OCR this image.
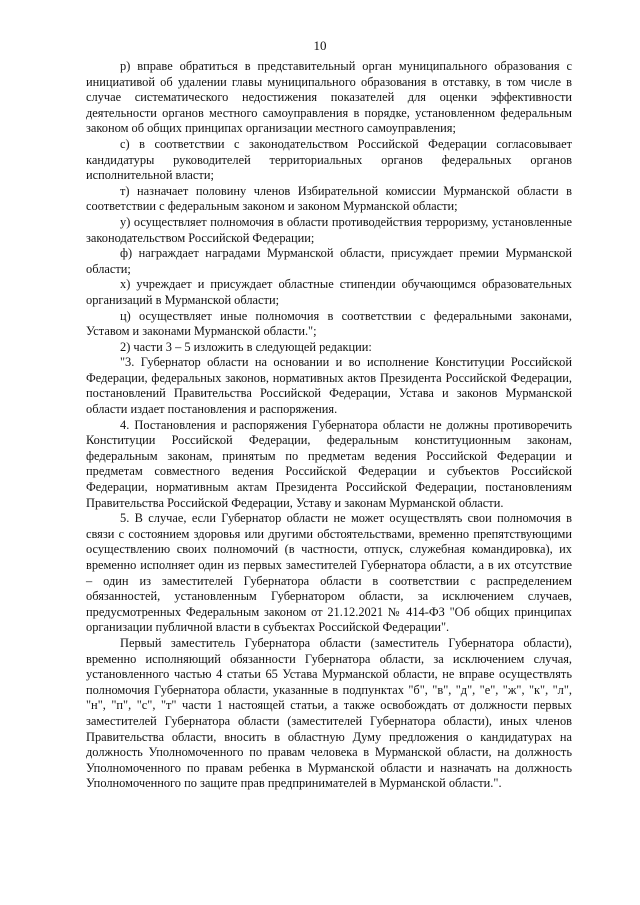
10

р) вправе обратиться в представительный орган муниципального образования с инициативой об удалении главы муниципального образования в отставку, в том числе в случае систематического недостижения показателей для оценки эффективности деятельности органов местного самоуправления в порядке, установленном федеральным законом об общих принципах организации местного самоуправления;

с) в соответствии с законодательством Российской Федерации согласовывает кандидатуры руководителей территориальных органов федеральных органов исполнительной власти;

т) назначает половину членов Избирательной комиссии Мурманской области в соответствии с федеральным законом и законом Мурманской области;

у) осуществляет полномочия в области противодействия терроризму, установленные законодательством Российской Федерации;

ф) награждает наградами Мурманской области, присуждает премии Мурманской области;

х) учреждает и присуждает областные стипендии обучающимся образовательных организаций в Мурманской области;

ц) осуществляет иные полномочия в соответствии с федеральными законами, Уставом и законами Мурманской области.";

2) части 3 – 5 изложить в следующей редакции:

"3. Губернатор области на основании и во исполнение Конституции Российской Федерации, федеральных законов, нормативных актов Президента Российской Федерации, постановлений Правительства Российской Федерации, Устава и законов Мурманской области издает постановления и распоряжения.

4. Постановления и распоряжения Губернатора области не должны противоречить Конституции Российской Федерации, федеральным конституционным законам, федеральным законам, принятым по предметам ведения Российской Федерации и предметам совместного ведения Российской Федерации и субъектов Российской Федерации, нормативным актам Президента Российской Федерации, постановлениям Правительства Российской Федерации, Уставу и законам Мурманской области.

5. В случае, если Губернатор области не может осуществлять свои полномочия в связи с состоянием здоровья или другими обстоятельствами, временно препятствующими осуществлению своих полномочий (в частности, отпуск, служебная командировка), их временно исполняет один из первых заместителей Губернатора области, а в их отсутствие – один из заместителей Губернатора области в соответствии с распределением обязанностей, установленным Губернатором области, за исключением случаев, предусмотренных Федеральным законом от 21.12.2021 № 414-ФЗ "Об общих принципах организации публичной власти в субъектах Российской Федерации".

Первый заместитель Губернатора области (заместитель Губернатора области), временно исполняющий обязанности Губернатора области, за исключением случая, установленного частью 4 статьи 65 Устава Мурманской области, не вправе осуществлять полномочия Губернатора области, указанные в подпунктах "б", "в", "д", "е", "ж", "к", "л", "н", "п", "с", "т" части 1 настоящей статьи, а также освобождать от должности первых заместителей Губернатора области (заместителей Губернатора области), иных членов Правительства области, вносить в областную Думу предложения о кандидатурах на должность Уполномоченного по правам человека в Мурманской области, на должность Уполномоченного по правам ребенка в Мурманской области и назначать на должность Уполномоченного по защите прав предпринимателей в Мурманской области.".
